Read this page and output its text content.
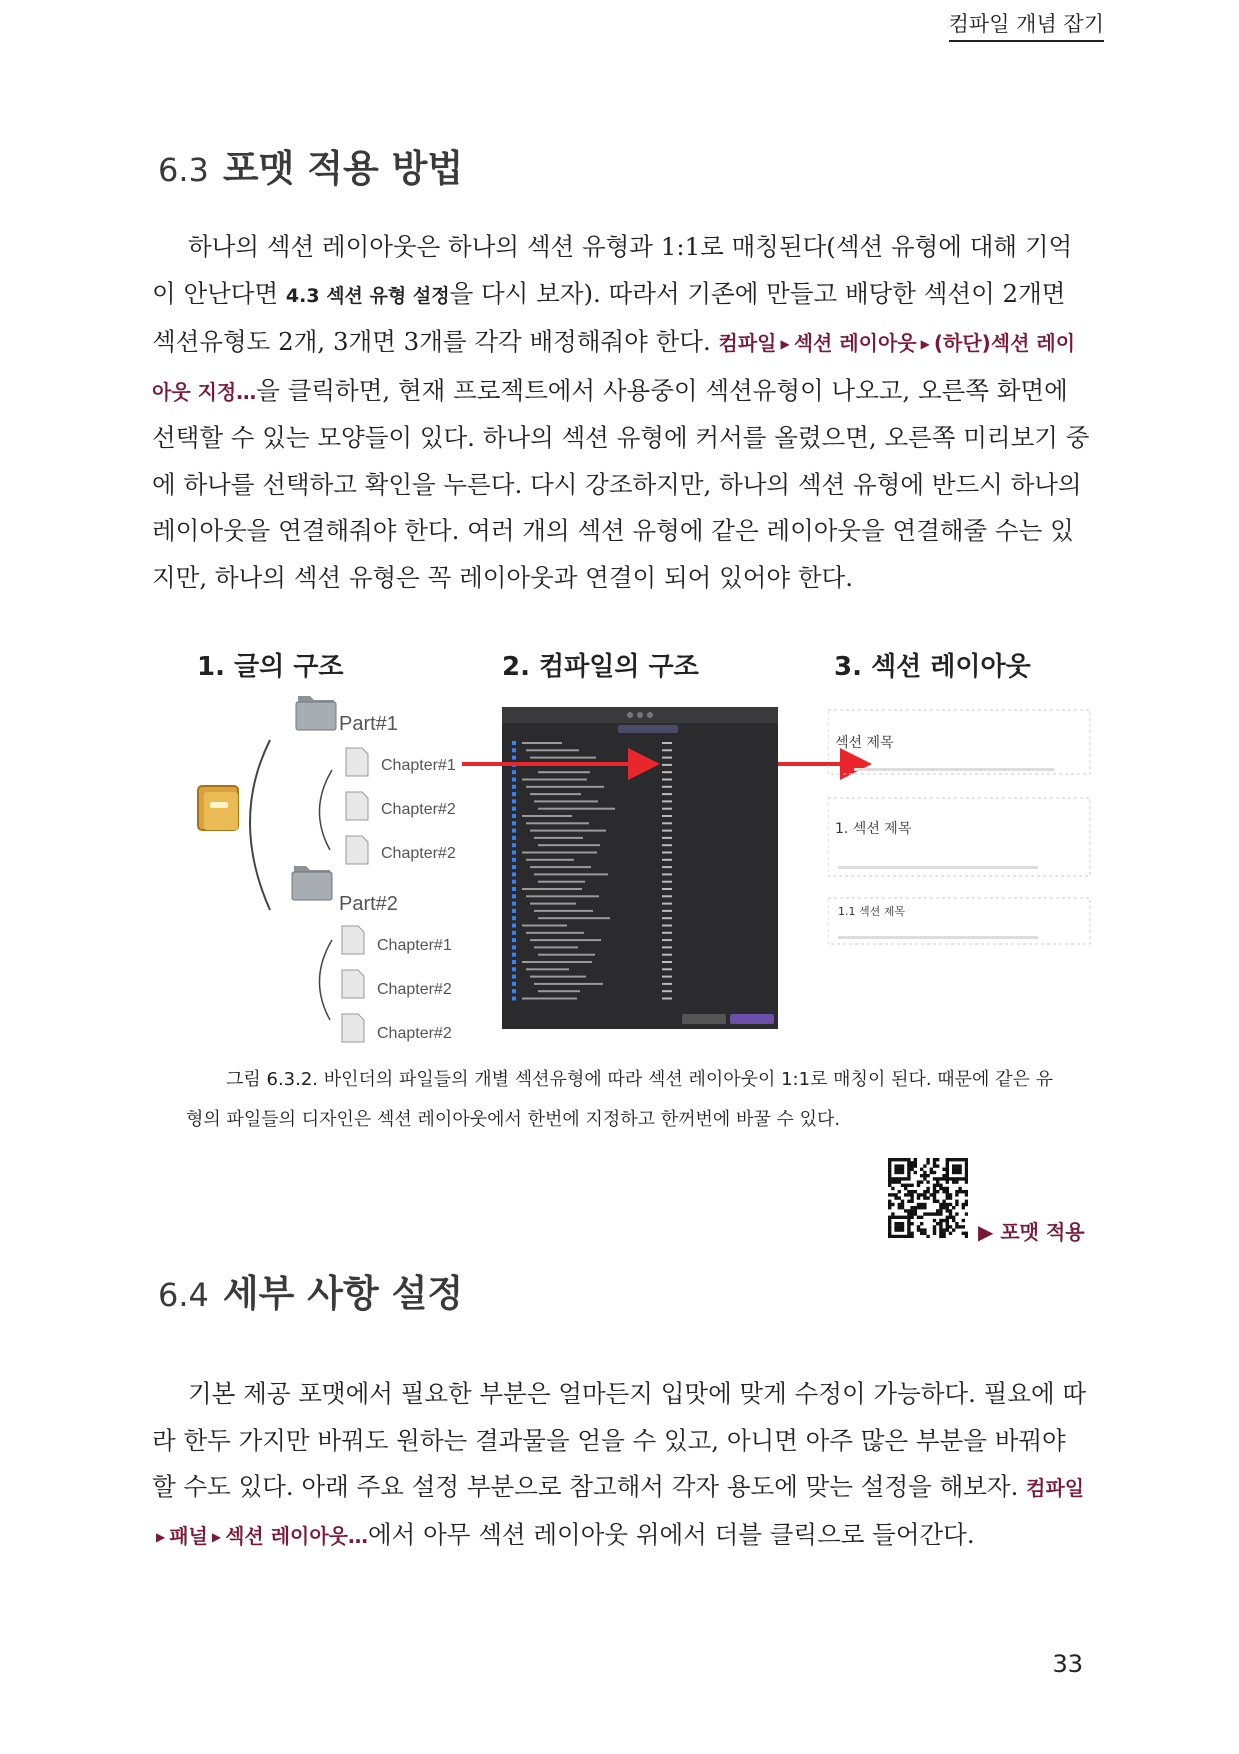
컴파일 개념 잡기
6.3 포맷 적용 방법

하나의 섹션 레이아웃은 하나의 섹션 유형과 1:1로 매칭된다(섹션 유형에 대해 기억이 안난다면 4.3 섹션 유형 설정을 다시 보자). 따라서 기존에 만들고 배당한 섹션이 2개면 섹션유형도 2개, 3개면 3개를 각각 배정해줘야 한다. 컴파일 ▶ 섹션 레이아웃 ▶ (하단)섹션 레이아웃 지정…을 클릭하면, 현재 프로젝트에서 사용중이 섹션유형이 나오고, 오른쪽 화면에 선택할 수 있는 모양들이 있다. 하나의 섹션 유형에 커서를 올렸으면, 오른쪽 미리보기 중에 하나를 선택하고 확인을 누른다. 다시 강조하지만, 하나의 섹션 유형에 반드시 하나의 레이아웃을 연결해줘야 한다. 여러 개의 섹션 유형에 같은 레이아웃을 연결해줄 수는 있지만, 하나의 섹션 유형은 꼭 레이아웃과 연결이 되어 있어야 한다.

1. 글의 구조	2. 컴파일의 구조	3. 섹션 레이아웃
Part#1
Chapter#1
Chapter#2
Chapter#2
Part#2
Chapter#1
Chapter#2
Chapter#2
섹션 제목
1. 섹션 제목
1.1 섹션 제목

그림 6.3.2. 바인더의 파일들의 개별 섹션유형에 따라 섹션 레이아웃이 1:1로 매칭이 된다. 때문에 같은 유형의 파일들의 디자인은 섹션 레이아웃에서 한번에 지정하고 한꺼번에 바꿀 수 있다.

▶ 포맷 적용
6.4 세부 사항 설정

기본 제공 포맷에서 필요한 부분은 얼마든지 입맛에 맞게 수정이 가능하다. 필요에 따라 한두 가지만 바꿔도 원하는 결과물을 얻을 수 있고, 아니면 아주 많은 부분을 바꿔야 할 수도 있다. 아래 주요 설정 부분으로 참고해서 각자 용도에 맞는 설정을 해보자. 컴파일▶ 패널 ▶ 섹션 레이아웃…에서 아무 섹션 레이아웃 위에서 더블 클릭으로 들어간다.

33
